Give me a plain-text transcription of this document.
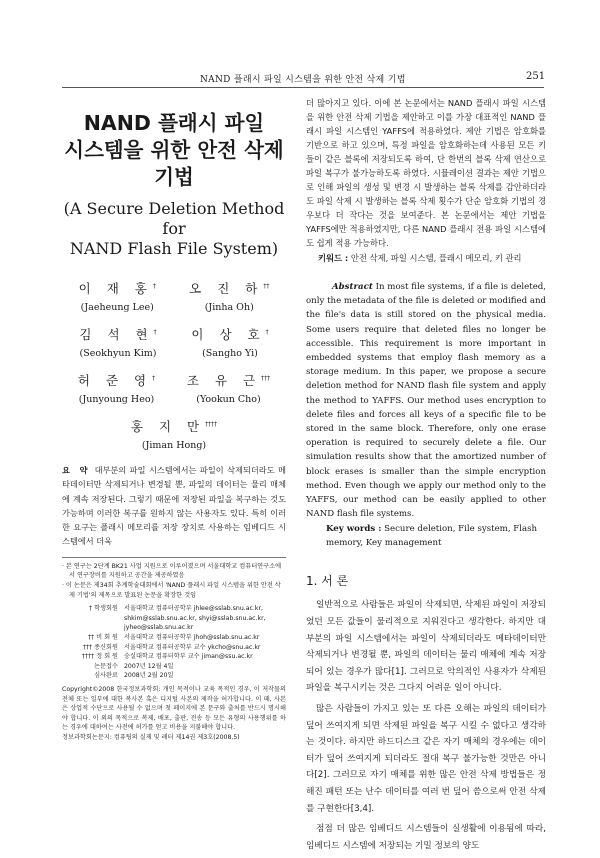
NAND 플래시 파일 시스템을 위한 안전 삭제 기법	251
NAND 플래시 파일
시스템을 위한 안전 삭제
기법
(A Secure Deletion Method for
NAND Flash File System)
이 재 홍†
(Jaeheung Lee)
오 진 하††
(Jinha Oh)
김 석 현†
(Seokhyun Kim)
이 상 호†
(Sangho Yi)
허 준 영†
(Junyoung Heo)
조 유 근†††
(Yookun Cho)
홍 지 만††††
(Jiman Hong)
요 약 대부분의 파일 시스템에서는 파일이 삭제되더라도 메타데이터만 삭제되거나 변경될 뿐, 파일의 데이터는 물리 매체에 계속 저장된다. 그렇기 때문에 저장된 파일을 복구하는 것도 가능하며 이러한 복구를 원하지 않는 사용자도 있다. 특히 이러한 요구는 플래시 메모리를 저장 장치로 사용하는 임베디드 시스템에서 더욱
· 본 연구는 2단계 BK21 사업 지원으로 이루어졌으며 서울대학교 컴퓨터연구소에서 연구장비를 지원하고 공간을 제공하였음
· 이 논문은 제34회 추계학술대회에서 'NAND 플래시 파일 시스템을 위한 안전 삭제 기법'의 제목으로 발표된 논문을 확장한 것임
† 학생회원 서울대학교 컴퓨터공학부 jhlee@sslab.snu.ac.kr, shkim@sslab.snu.ac.kr, shyi@sslab.snu.ac.kr, jyheo@sslab.snu.ac.kr
†† 비 회 원 서울대학교 컴퓨터공학부 jhoh@sslab.snu.ac.kr
††† 종신회원 서울대학교 컴퓨터공학부 교수 ykcho@snu.ac.kr
†††† 정 회 원 숭실대학교 컴퓨터학부 교수 jiman@ssu.ac.kr
논문접수 2007년 12월 4일
심사완료 2008년 2월 20일
Copyright©2008 한국정보과학회: 개인 목적이나 교육 목적인 경우, 이 저작물의 전체 또는 일부에 대한 복사본 혹은 디지털 사본의 제작을 허가합니다. 이 때, 사본은 상업적 수단으로 사용될 수 없으며 첫 페이지에 본 문구와 출처를 반드시 명시해야 합니다. 이 외의 목적으로 복제, 배포, 출판, 전송 등 모든 유형의 사용행위를 하는 경우에 대하여는 사전에 허가를 얻고 비용을 지불해야 합니다.
정보과학회논문지: 컴퓨팅의 실제 및 레터 제14권 제3호(2008.5)
더 많아지고 있다. 이에 본 논문에서는 NAND 플래시 파일 시스템을 위한 안전 삭제 기법을 제안하고 이를 가장 대표적인 NAND 플래시 파일 시스템인 YAFFS에 적용하였다. 제안 기법은 암호화를 기반으로 하고 있으며, 특정 파일을 암호화하는데 사용된 모든 키들이 같은 블록에 저장되도록 하여, 단 한번의 블록 삭제 연산으로 파일 복구가 불가능하도록 하였다. 시뮬레이션 결과는 제안 기법으로 인해 파일의 생성 및 변경 시 발생하는 블록 삭제를 감안하더라도 파일 삭제 시 발생하는 블록 삭제 횟수가 단순 암호화 기법의 경우보다 더 작다는 것을 보여준다. 본 논문에서는 제안 기법을 YAFFS에만 적용하였지만, 다른 NAND 플래시 전용 파일 시스템에도 쉽게 적용 가능하다.
키워드 : 안전 삭제, 파일 시스템, 플래시 메모리, 키 관리
Abstract In most file systems, if a file is deleted, only the metadata of the file is deleted or modified and the file's data is still stored on the physical media. Some users require that deleted files no longer be accessible. This requirement is more important in embedded systems that employ flash memory as a storage medium. In this paper, we propose a secure deletion method for NAND flash file system and apply the method to YAFFS. Our method uses encryption to delete files and forces all keys of a specific file to be stored in the same block. Therefore, only one erase operation is required to securely delete a file. Our simulation results show that the amortized number of block erases is smaller than the simple encryption method. Even though we apply our method only to the YAFFS, our method can be easily applied to other NAND flash file systems.
Key words : Secure deletion, File system, Flash memory, Key management
1. 서 론

일반적으로 사람들은 파일이 삭제되면, 삭제된 파일이 저장되었던 모든 값들이 물리적으로 지워진다고 생각한다. 하지만 대부분의 파일 시스템에서는 파일이 삭제되더라도 메타데이터만 삭제되거나 변경될 뿐, 파일의 데이터는 물리 매체에 계속 저장되어 있는 경우가 많다[1]. 그러므로 악의적인 사용자가 삭제된 파일을 복구시키는 것은 그다지 어려운 일이 아니다.

많은 사람들이 가지고 있는 또 다른 오해는 파일의 데이터가 덮어 쓰여지게 되면 삭제된 파일을 복구 시킬 수 없다고 생각하는 것이다. 하지만 하드디스크 같은 자기 매체의 경우에는 데이터가 덮어 쓰여지게 되더라도 절대 복구 불가능한 것만은 아니다[2]. 그러므로 자기 매체를 위한 많은 안전 삭제 방법들은 정해진 패턴 또는 난수 데이터를 여러 번 덮어 씀으로써 안전 삭제를 구현한다[3,4].

점점 더 많은 임베디드 시스템들이 실생활에 이용됨에 따라, 임베디드 시스템에 저장되는 기밀 정보의 양도
